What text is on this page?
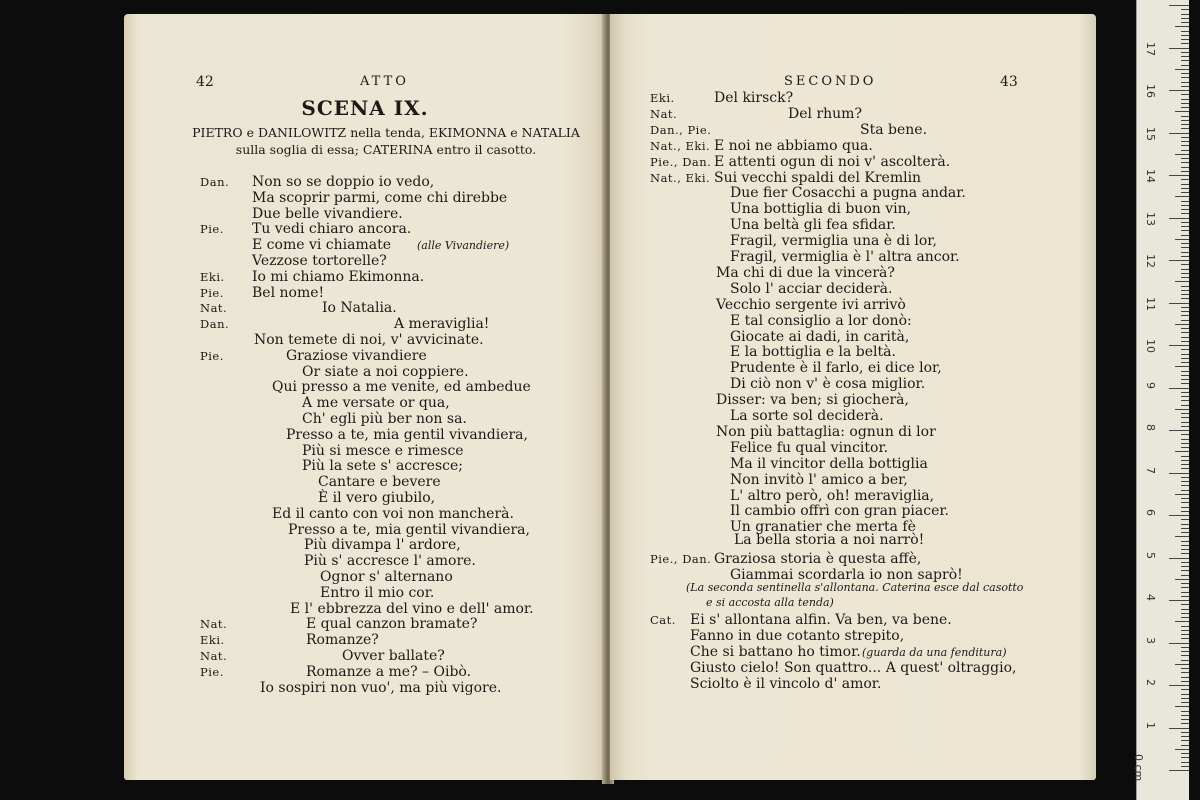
42	ATTO
SCENA IX.
PIETRO e DANILOWITZ nella tenda, EKIMONNA e NATALIA
sulla soglia di essa; CATERINA entro il casotto.
Non so se doppio io vedo,
Ma scoprir parmi, come chi direbbe
Due belle vivandiere.
Tu vedi chiaro ancora.
E come vi chiamate (alle Vivandiere)
Vezzose tortorelle?
Io mi chiamo Ekimonna.
Bel nome!
Io Natalia.
A meraviglia!
Non temete di noi, v' avvicinate.
Graziose vivandiere
Or siate a noi coppiere.
Qui presso a me venite, ed ambedue
A me versate or qua,
Ch' egli più ber non sa.
Presso a te, mia gentil vivandiera,
Più si mesce e rimesce
Più la sete s' accresce;
Cantare e bevere
È il vero giubilo,
Ed il canto con voi non mancherà.
Presso a te, mia gentil vivandiera,
Più divampa l' ardore,
Più s' accresce l' amore.
Ognor s' alternano
Entro il mio cor.
E l' ebbrezza del vino e dell' amor.
E qual canzon bramate?
Romanze?
Ovver ballate?
Romanze a me? – Oibò.
Io sospiri non vuo', ma più vigore.
Dan.
Pie.
Eki.
Pie.
Nat.
Dan.
Pie.
Nat.
Eki.
Nat.
Pie.
SECONDO	43
Del kirsck?
Del rhum?
Sta bene.
E noi ne abbiamo qua.
E attenti ogun di noi v' ascolterà.
Sui vecchi spaldi del Kremlin
Due fier Cosacchi a pugna andar.
Una bottiglia di buon vin,
Una beltà gli fea sfidar.
Fragil, vermiglia una è di lor,
Fragil, vermiglia è l' altra ancor.
Ma chi di due la vincerà?
Solo l' acciar deciderà.
Vecchio sergente ivi arrivò
E tal consiglio a lor donò:
Giocate ai dadi, in carità,
E la bottiglia e la beltà.
Prudente è il farlo, ei dice lor,
Di ciò non v' è cosa miglior.
Disser: va ben; si giocherà,
La sorte sol deciderà.
Non più battaglia: ognun di lor
Felice fu qual vincitor.
Ma il vincitor della bottiglia
Non invitò l' amico a ber,
L' altro però, oh! meraviglia,
Il cambio offrì con gran piacer.
Un granatier che merta fè
Graziosa storia è questa affè,
Giammai scordarla io non saprò!
Eki.
Nat.
Dan., Pie.
Nat., Eki.
Pie., Dan.
Nat., Eki.
Pie., Dan.
La bella storia a noi narrò!
(La seconda sentinella s'allontana. Caterina esce dal casotto
e si accosta alla tenda)
Cat. Ei s' allontana alfin. Va ben, va bene.
Fanno in due cotanto strepito,
Che si battano ho timor. (guarda da una fenditura)
Giusto cielo! Son quattro... A quest' oltraggio,
Sciolto è il vincolo d' amor.
0 cm
1
2
3
4
5
6
7
8
9
10
11
12
13
14
15
16
17
